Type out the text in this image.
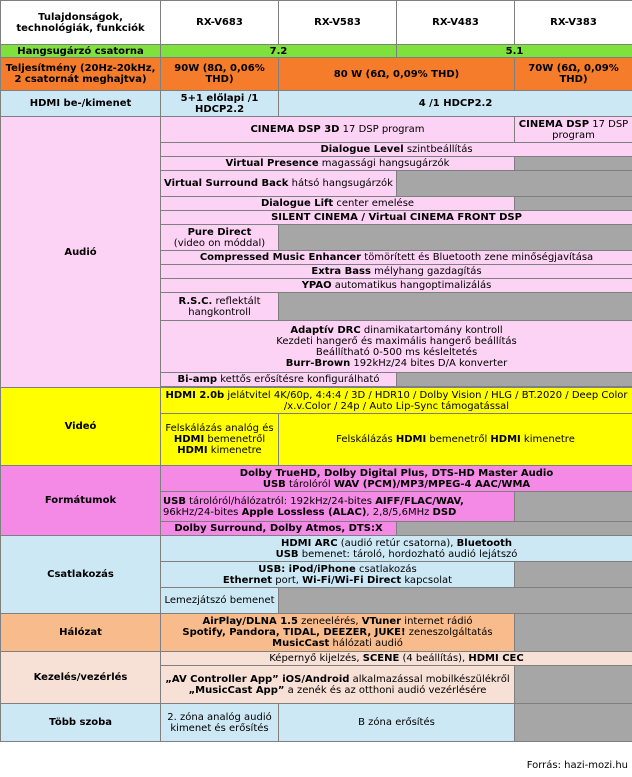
Tulajdonságok, technológiák, funkciók	RX-V683	RX-V583	RX-V483	RX-V383
Hangsugárzó csatorna	7.2		5.1	
Teljesítmény (20Hz-20kHz, 2 csatornát meghajtva)	90W (8Ω, 0,06% THD)	80 W (6Ω, 0,09% THD)		70W (6Ω, 0,09% THD)
HDMI be-/kimenet	5+1 előlapi /1 HDCP2.2	4 /1 HDCP2.2		
Audió	CINEMA DSP 3D 17 DSP program			CINEMA DSP 17 DSP program
	Dialogue Level szintbeállítás			
	Virtual Presence magassági hangsugárzók			
	Virtual Surround Back hátsó hangsugárzók			
	Dialogue Lift center emelése			
	SILENT CINEMA / Virtual CINEMA FRONT DSP			
	Pure Direct
(video on móddal)			
	Compressed Music Enhancer tömörített és Bluetooth zene minőségjavítása			
	Extra Bass mélyhang gazdagítás			
	YPAO automatikus hangoptimalizálás			
	R.S.C. reflektált hangkontroll			

	Adaptív DRC dinamikatartomány kontroll
Kezdeti hangerő és maximális hangerő beállítás
Beállítható 0-500 ms késleltetés
Burr-Brown 192kHz/24 bites D/A konverter			

	Bi-amp kettős erősítésre konfigurálható			

Videó	HDMI 2.0b jelátvitel 4K/60p, 4:4:4 / 3D / HDR10 / Dolby Vision / HLG / BT.2020 / Deep Color /x.v.Color / 24p / Auto Lip-Sync támogatással			
	Felskálázás analóg és HDMI bemenetről HDMI kimenetre	Felskálázás HDMI bemenetről HDMI kimenetre		
Formátumok	Dolby TrueHD, Dolby Digital Plus, DTS-HD Master Audio
USB tárolóról WAV (PCM)/MP3/MPEG-4 AAC/WMA			

	USB tárolóról/hálózatról: 192kHz/24-bites AIFF/FLAC/WAV,
96kHz/24-bites Apple Lossless (ALAC), 2,8/5,6MHz DSD			
	Dolby Surround, Dolby Atmos, DTS:X			
Csatlakozás	HDMI ARC (audió retúr csatorna), Bluetooth
USB bemenet: tároló, hordozható audió lejátszó			

	USB: iPod/iPhone csatlakozás
Ethernet port, Wi-Fi/Wi-Fi Direct kapcsolat			

	Lemezjátszó bemenet			
Hálózat	AirPlay/DLNA 1.5 zeneelérés, VTuner internet rádió
Spotify, Pandora, TIDAL, DEEZER, JUKE! zeneszolgáltatás
MusicCast hálózati audió			

Kezelés/vezérlés	Képernyő kijelzés, SCENE (4 beállítás), HDMI CEC			

	„AV Controller App” iOS/Android alkalmazással mobilkészülékről
„MusicCast App” a zenék és az otthoni audió vezérlésére			

Több szoba	2. zóna analóg audió kimenet és erősítés	B zóna erősítés		
Forrás: hazi-mozi.hu
